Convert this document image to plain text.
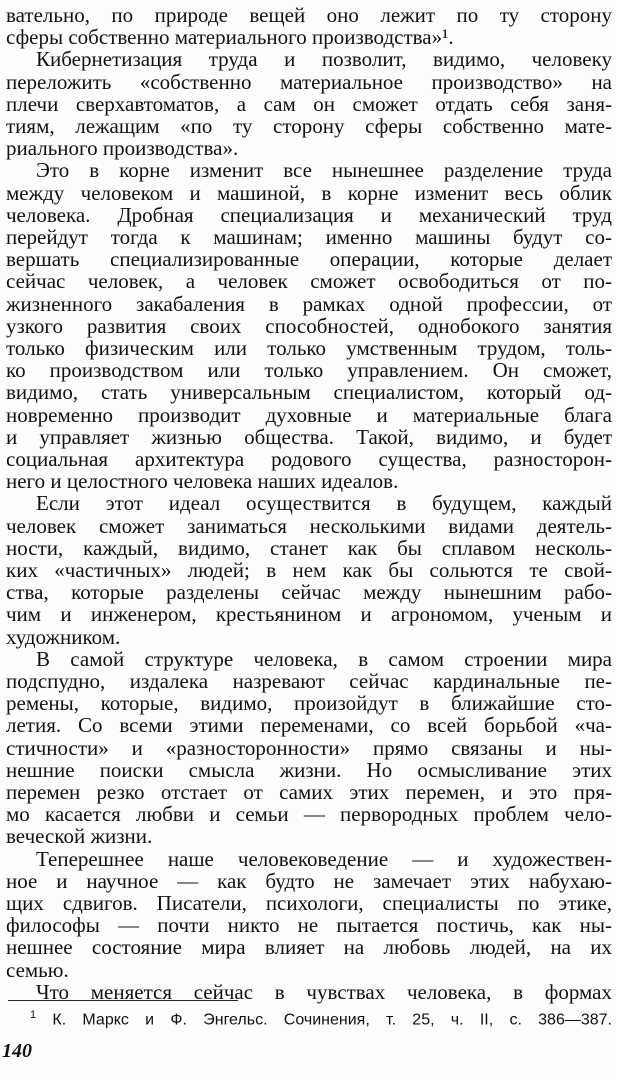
вательно, по природе вещей оно лежит по ту сторону
сферы собственно материального производства»¹.
Кибернетизация труда и позволит, видимо, человеку
переложить «собственно материальное производство» на
плечи сверхавтоматов, а сам он сможет отдать себя заня-
тиям, лежащим «по ту сторону сферы собственно мате-
риального производства».
Это в корне изменит все нынешнее разделение труда
между человеком и машиной, в корне изменит весь облик
человека. Дробная специализация и механический труд
перейдут тогда к машинам; именно машины будут со-
вершать специализированные операции, которые делает
сейчас человек, а человек сможет освободиться от по-
жизненного закабаления в рамках одной профессии, от
узкого развития своих способностей, однобокого занятия
только физическим или только умственным трудом, толь-
ко производством или только управлением. Он сможет,
видимо, стать универсальным специалистом, который од-
новременно производит духовные и материальные блага
и управляет жизнью общества. Такой, видимо, и будет
социальная архитектура родового существа, разносторон-
него и целостного человека наших идеалов.
Если этот идеал осуществится в будущем, каждый
человек сможет заниматься несколькими видами деятель-
ности, каждый, видимо, станет как бы сплавом несколь-
ких «частичных» людей; в нем как бы сольются те свой-
ства, которые разделены сейчас между нынешним рабо-
чим и инженером, крестьянином и агрономом, ученым и
художником.
В самой структуре человека, в самом строении мира
подспудно, издалека назревают сейчас кардинальные пе-
ремены, которые, видимо, произойдут в ближайшие сто-
летия. Со всеми этими переменами, со всей борьбой «ча-
стичности» и «разносторонности» прямо связаны и ны-
нешние поиски смысла жизни. Но осмысливание этих
перемен резко отстает от самих этих перемен, и это пря-
мо касается любви и семьи — первородных проблем чело-
веческой жизни.
Теперешнее наше человековедение — и художествен-
ное и научное — как будто не замечает этих набухаю-
щих сдвигов. Писатели, психологи, специалисты по этике,
философы — почти никто не пытается постичь, как ны-
нешнее состояние мира влияет на любовь людей, на их
семью.
Что меняется сейчас в чувствах человека, в формах
$^1$ К. Маркс и Ф. Энгельс. Сочинения, т. 25, ч. II, с. 386—387.
140
